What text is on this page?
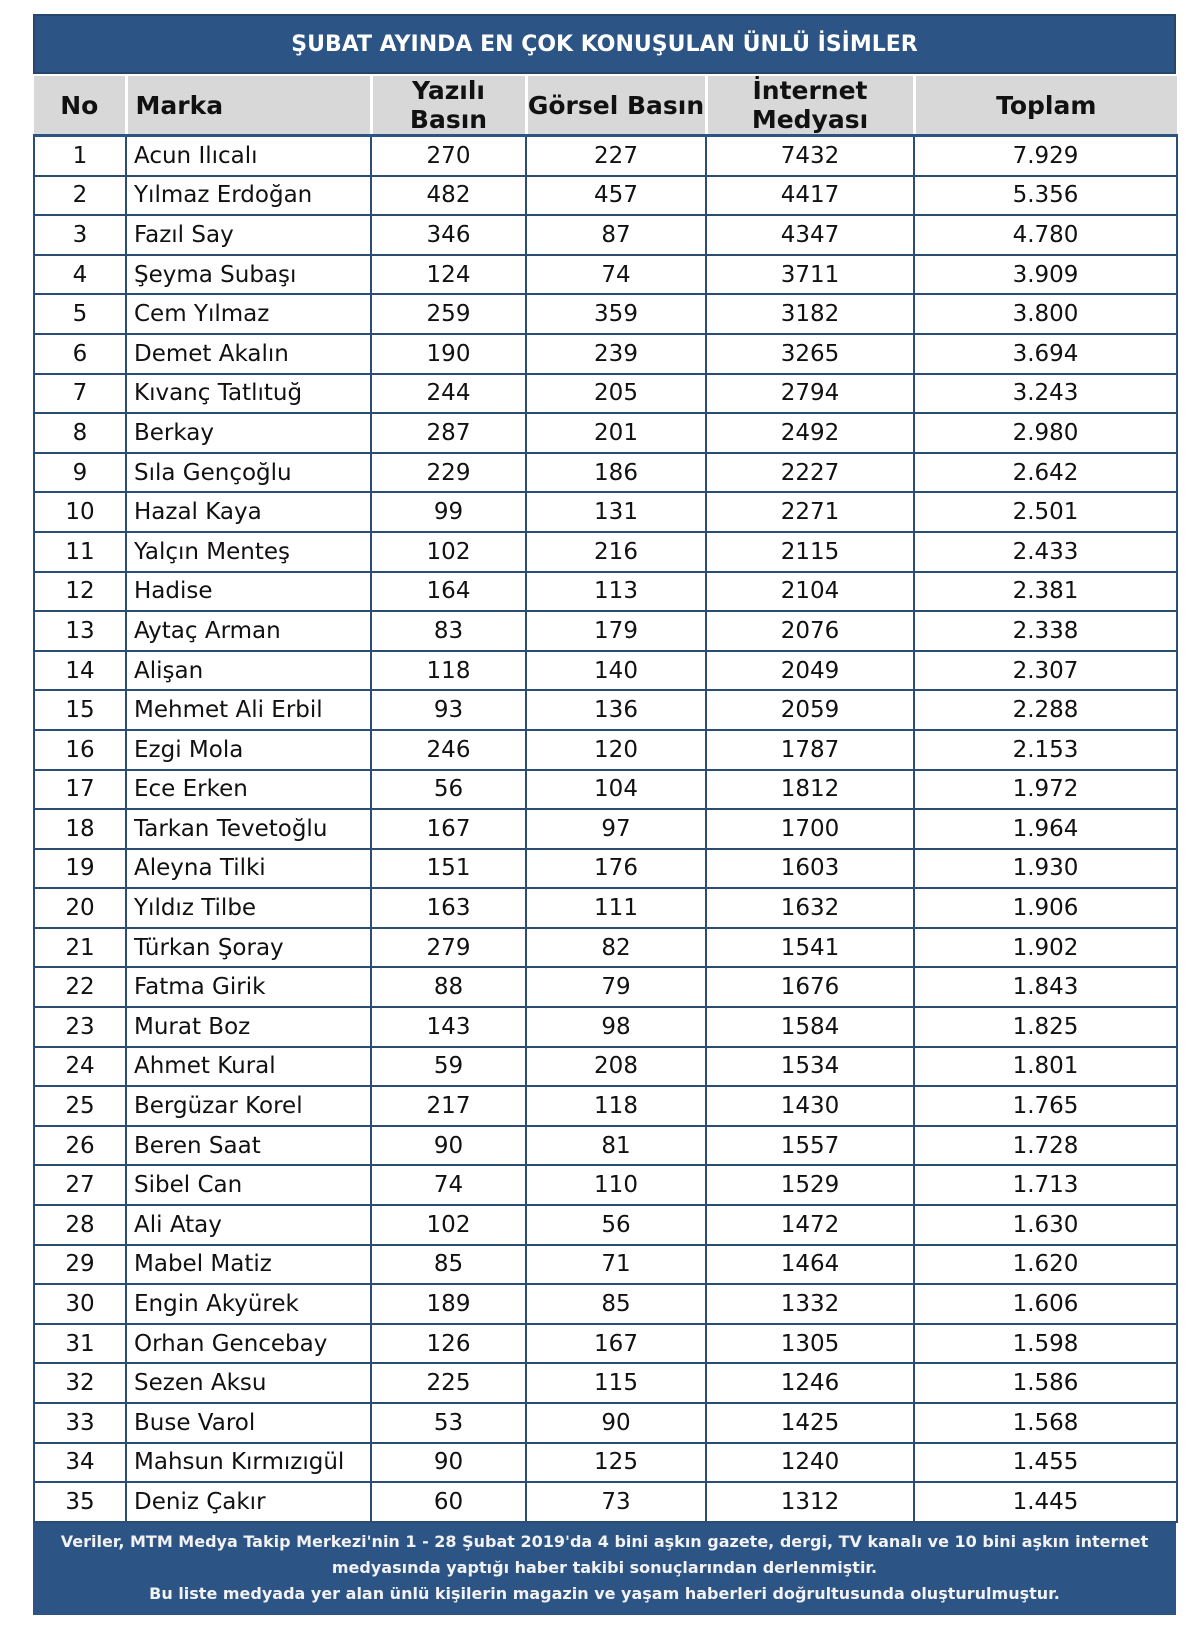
ŞUBAT AYINDA EN ÇOK KONUŞULAN ÜNLÜ İSİMLER
No	Marka	Yazılı Basın	Görsel Basın	İnternet Medyası	Toplam
1	Acun Ilıcalı	270	227	7432	7.929
2	Yılmaz Erdoğan	482	457	4417	5.356
3	Fazıl Say	346	87	4347	4.780
4	Şeyma Subaşı	124	74	3711	3.909
5	Cem Yılmaz	259	359	3182	3.800
6	Demet Akalın	190	239	3265	3.694
7	Kıvanç Tatlıtuğ	244	205	2794	3.243
8	Berkay	287	201	2492	2.980
9	Sıla Gençoğlu	229	186	2227	2.642
10	Hazal Kaya	99	131	2271	2.501
11	Yalçın Menteş	102	216	2115	2.433
12	Hadise	164	113	2104	2.381
13	Aytaç Arman	83	179	2076	2.338
14	Alişan	118	140	2049	2.307
15	Mehmet Ali Erbil	93	136	2059	2.288
16	Ezgi Mola	246	120	1787	2.153
17	Ece Erken	56	104	1812	1.972
18	Tarkan Tevetoğlu	167	97	1700	1.964
19	Aleyna Tilki	151	176	1603	1.930
20	Yıldız Tilbe	163	111	1632	1.906
21	Türkan Şoray	279	82	1541	1.902
22	Fatma Girik	88	79	1676	1.843
23	Murat Boz	143	98	1584	1.825
24	Ahmet Kural	59	208	1534	1.801
25	Bergüzar Korel	217	118	1430	1.765
26	Beren Saat	90	81	1557	1.728
27	Sibel Can	74	110	1529	1.713
28	Ali Atay	102	56	1472	1.630
29	Mabel Matiz	85	71	1464	1.620
30	Engin Akyürek	189	85	1332	1.606
31	Orhan Gencebay	126	167	1305	1.598
32	Sezen Aksu	225	115	1246	1.586
33	Buse Varol	53	90	1425	1.568
34	Mahsun Kırmızıgül	90	125	1240	1.455
35	Deniz Çakır	60	73	1312	1.445
Veriler, MTM Medya Takip Merkezi'nin 1 - 28 Şubat 2019'da 4 bini aşkın gazete, dergi, TV kanalı ve 10 bini aşkın internet
medyasında yaptığı haber takibi sonuçlarından derlenmiştir.
Bu liste medyada yer alan ünlü kişilerin magazin ve yaşam haberleri doğrultusunda oluşturulmuştur.
